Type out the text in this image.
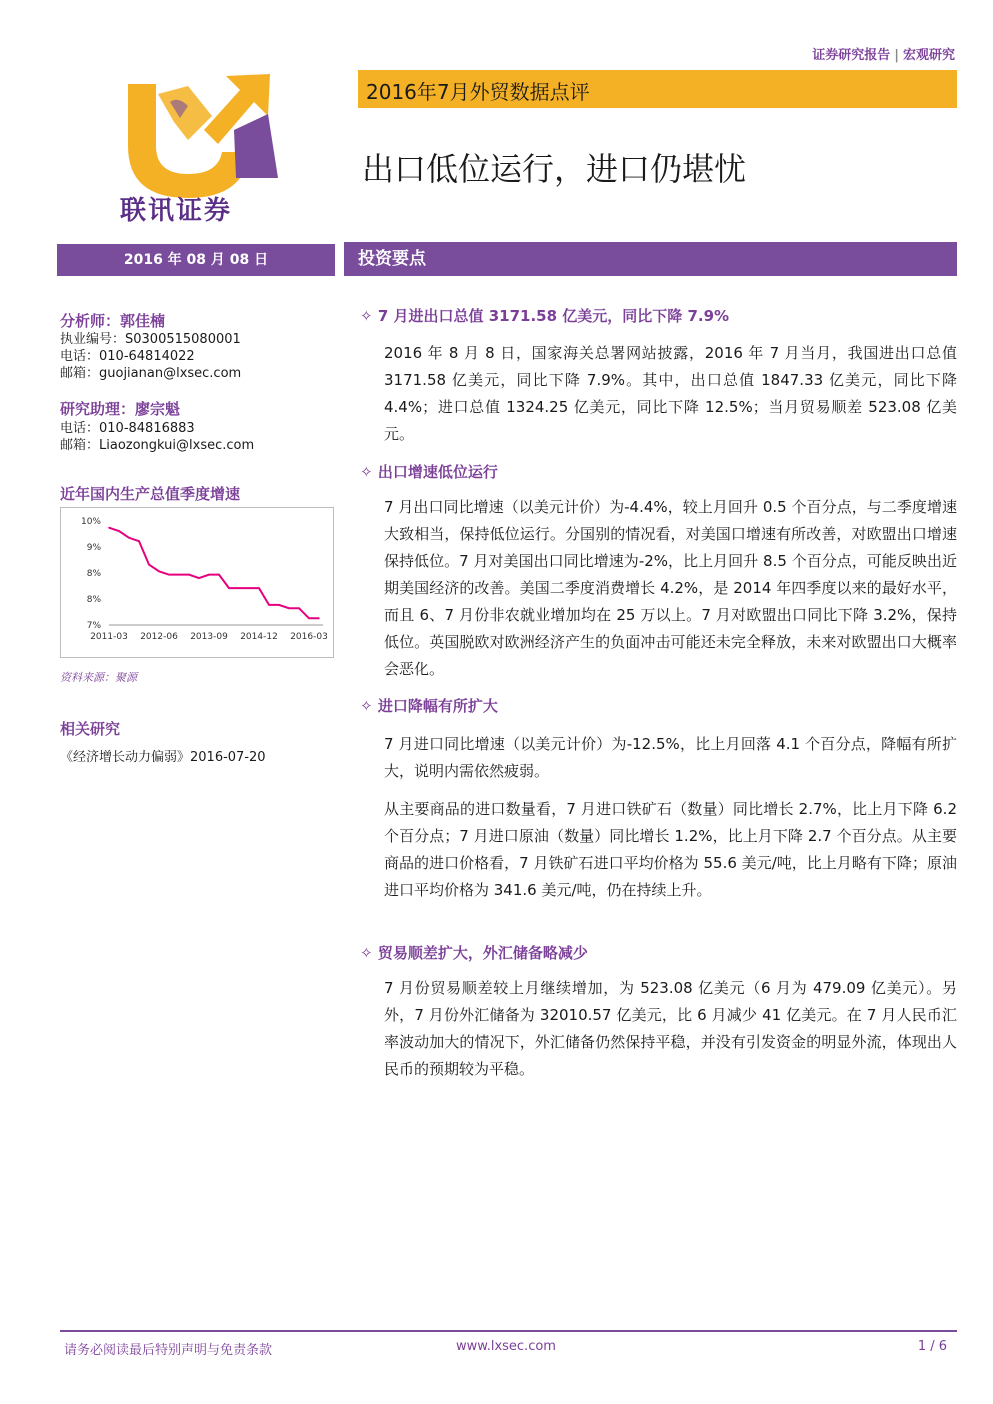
证券研究报告 | 宏观研究
联讯证券
2016年7月外贸数据点评
出口低位运行，进口仍堪忧
2016 年 08 月 08 日	投资要点
分析师：郭佳楠
执业编号：S0300515080001
电话：010-64814022
邮箱：guojianan@lxsec.com
研究助理：廖宗魁
电话：010-84816883
邮箱：Liaozongkui@lxsec.com
近年国内生产总值季度增速
10%
9%
8%
8%
7%
2011-03 2012-06 2013-09 2014-12 2016-03
资料来源：聚源
相关研究
《经济增长动力偏弱》2016-07-20
✧ 7 月进出口总值 3171.58 亿美元，同比下降 7.9%
2016 年 8 月 8 日，国家海关总署网站披露，2016 年 7 月当月，我国进出口总值 3171.58 亿美元，同比下降 7.9%。其中，出口总值 1847.33 亿美元，同比下降 4.4%；进口总值 1324.25 亿美元，同比下降 12.5%；当月贸易顺差 523.08 亿美元。
✧ 出口增速低位运行
7 月出口同比增速（以美元计价）为-4.4%，较上月回升 0.5 个百分点，与二季度增速大致相当，保持低位运行。分国别的情况看，对美国口增速有所改善，对欧盟出口增速保持低位。7 月对美国出口同比增速为-2%，比上月回升 8.5 个百分点，可能反映出近期美国经济的改善。美国二季度消费增长 4.2%，是 2014 年四季度以来的最好水平，而且 6、7 月份非农就业增加均在 25 万以上。7 月对欧盟出口同比下降 3.2%，保持低位。英国脱欧对欧洲经济产生的负面冲击可能还未完全释放，未来对欧盟出口大概率会恶化。
✧ 进口降幅有所扩大
7 月进口同比增速（以美元计价）为-12.5%，比上月回落 4.1 个百分点，降幅有所扩大，说明内需依然疲弱。
从主要商品的进口数量看，7 月进口铁矿石（数量）同比增长 2.7%，比上月下降 6.2 个百分点；7 月进口原油（数量）同比增长 1.2%，比上月下降 2.7 个百分点。从主要商品的进口价格看，7 月铁矿石进口平均价格为 55.6 美元/吨，比上月略有下降；原油进口平均价格为 341.6 美元/吨，仍在持续上升。
✧ 贸易顺差扩大，外汇储备略减少
7 月份贸易顺差较上月继续增加，为 523.08 亿美元（6 月为 479.09 亿美元）。另外，7 月份外汇储备为 32010.57 亿美元，比 6 月减少 41 亿美元。在 7 月人民币汇率波动加大的情况下，外汇储备仍然保持平稳，并没有引发资金的明显外流，体现出人民币的预期较为平稳。
请务必阅读最后特别声明与免责条款	www.lxsec.com	1 / 6
